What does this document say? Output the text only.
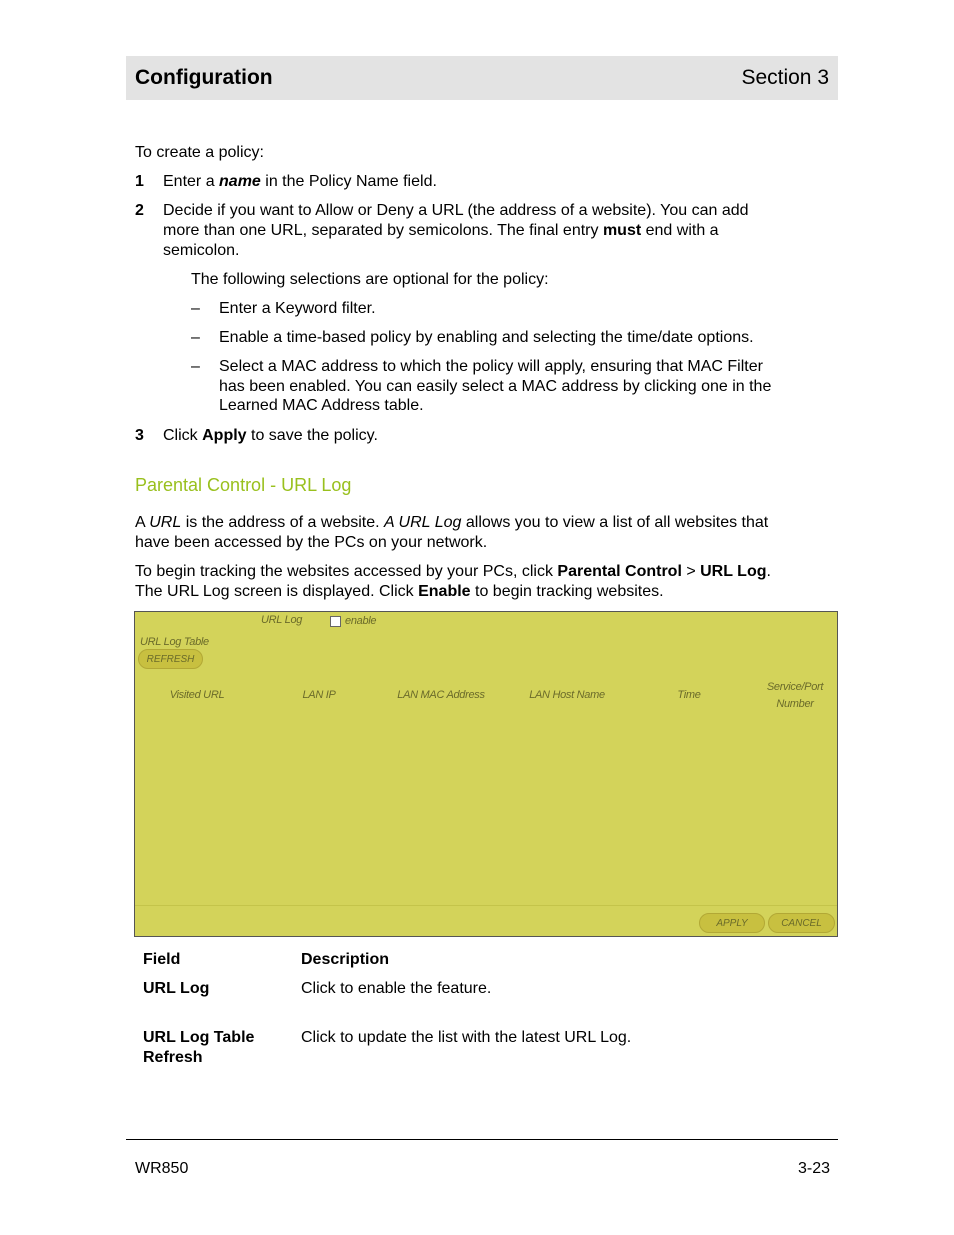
Configuration	Section 3
To create a policy:
1 Enter a name in the Policy Name field.
2 Decide if you want to Allow or Deny a URL (the address of a website). You can add
more than one URL, separated by semicolons. The final entry must end with a
semicolon.
The following selections are optional for the policy:
– Enter a Keyword filter.
– Enable a time-based policy by enabling and selecting the time/date options.
– Select a MAC address to which the policy will apply, ensuring that MAC Filter
has been enabled. You can easily select a MAC address by clicking one in the
Learned MAC Address table.
3 Click Apply to save the policy.
Parental Control - URL Log
A URL is the address of a website. A URL Log allows you to view a list of all websites that
have been accessed by the PCs on your network.
To begin tracking the websites accessed by your PCs, click Parental Control > URL Log.
The URL Log screen is displayed. Click Enable to begin tracking websites.
URL Log	enable
URL Log Table
REFRESH
Visited URL	LAN IP	LAN MAC Address	LAN Host Name	Time
Service/Port
Number
APPLY	CANCEL
Field	Description
URL Log	Click to enable the feature.
URL Log Table
Refresh
Click to update the list with the latest URL Log.
WR850	3-23
